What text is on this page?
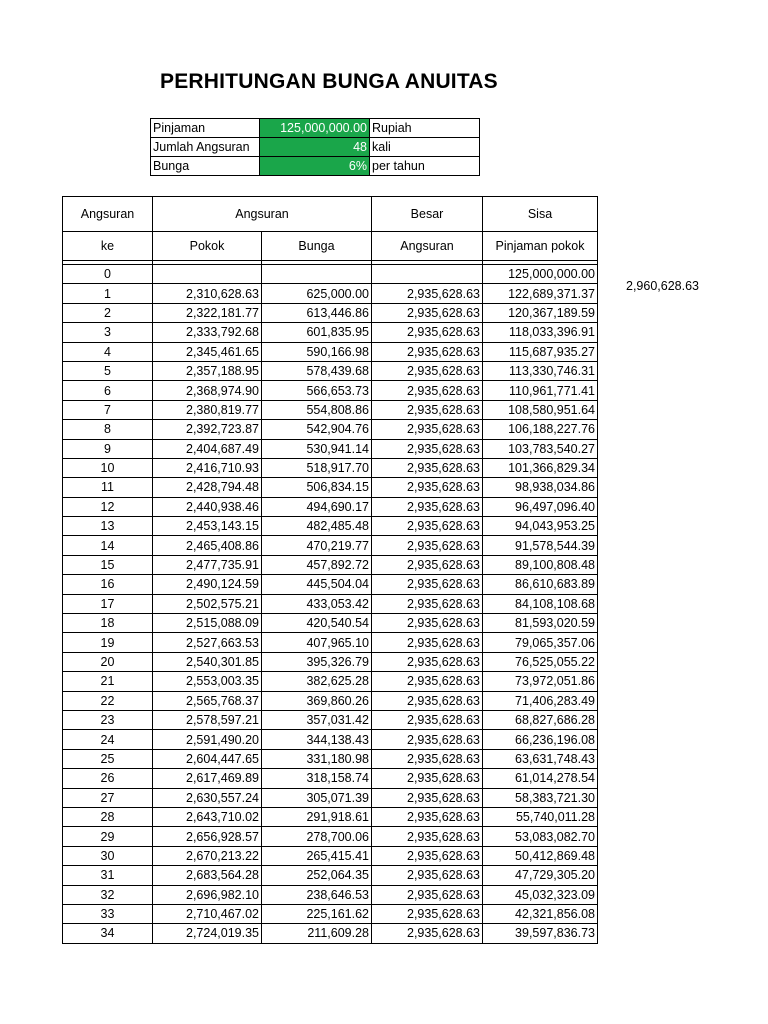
PERHITUNGAN BUNGA ANUITAS
Pinjaman	125,000,000.00	Rupiah
Jumlah Angsuran	48	kali
Bunga	6%	per tahun
Angsuran	Angsuran		Besar	Sisa
ke	Pokok	Bunga	Angsuran	Pinjaman pokok

0				125,000,000.00
1	2,310,628.63	625,000.00	2,935,628.63	122,689,371.37
2	2,322,181.77	613,446.86	2,935,628.63	120,367,189.59
3	2,333,792.68	601,835.95	2,935,628.63	118,033,396.91
4	2,345,461.65	590,166.98	2,935,628.63	115,687,935.27
5	2,357,188.95	578,439.68	2,935,628.63	113,330,746.31
6	2,368,974.90	566,653.73	2,935,628.63	110,961,771.41
7	2,380,819.77	554,808.86	2,935,628.63	108,580,951.64
8	2,392,723.87	542,904.76	2,935,628.63	106,188,227.76
9	2,404,687.49	530,941.14	2,935,628.63	103,783,540.27
10	2,416,710.93	518,917.70	2,935,628.63	101,366,829.34
11	2,428,794.48	506,834.15	2,935,628.63	98,938,034.86
12	2,440,938.46	494,690.17	2,935,628.63	96,497,096.40
13	2,453,143.15	482,485.48	2,935,628.63	94,043,953.25
14	2,465,408.86	470,219.77	2,935,628.63	91,578,544.39
15	2,477,735.91	457,892.72	2,935,628.63	89,100,808.48
16	2,490,124.59	445,504.04	2,935,628.63	86,610,683.89
17	2,502,575.21	433,053.42	2,935,628.63	84,108,108.68
18	2,515,088.09	420,540.54	2,935,628.63	81,593,020.59
19	2,527,663.53	407,965.10	2,935,628.63	79,065,357.06
20	2,540,301.85	395,326.79	2,935,628.63	76,525,055.22
21	2,553,003.35	382,625.28	2,935,628.63	73,972,051.86
22	2,565,768.37	369,860.26	2,935,628.63	71,406,283.49
23	2,578,597.21	357,031.42	2,935,628.63	68,827,686.28
24	2,591,490.20	344,138.43	2,935,628.63	66,236,196.08
25	2,604,447.65	331,180.98	2,935,628.63	63,631,748.43
26	2,617,469.89	318,158.74	2,935,628.63	61,014,278.54
27	2,630,557.24	305,071.39	2,935,628.63	58,383,721.30
28	2,643,710.02	291,918.61	2,935,628.63	55,740,011.28
29	2,656,928.57	278,700.06	2,935,628.63	53,083,082.70
30	2,670,213.22	265,415.41	2,935,628.63	50,412,869.48
31	2,683,564.28	252,064.35	2,935,628.63	47,729,305.20
32	2,696,982.10	238,646.53	2,935,628.63	45,032,323.09
33	2,710,467.02	225,161.62	2,935,628.63	42,321,856.08
34	2,724,019.35	211,609.28	2,935,628.63	39,597,836.73
2,960,628.63
